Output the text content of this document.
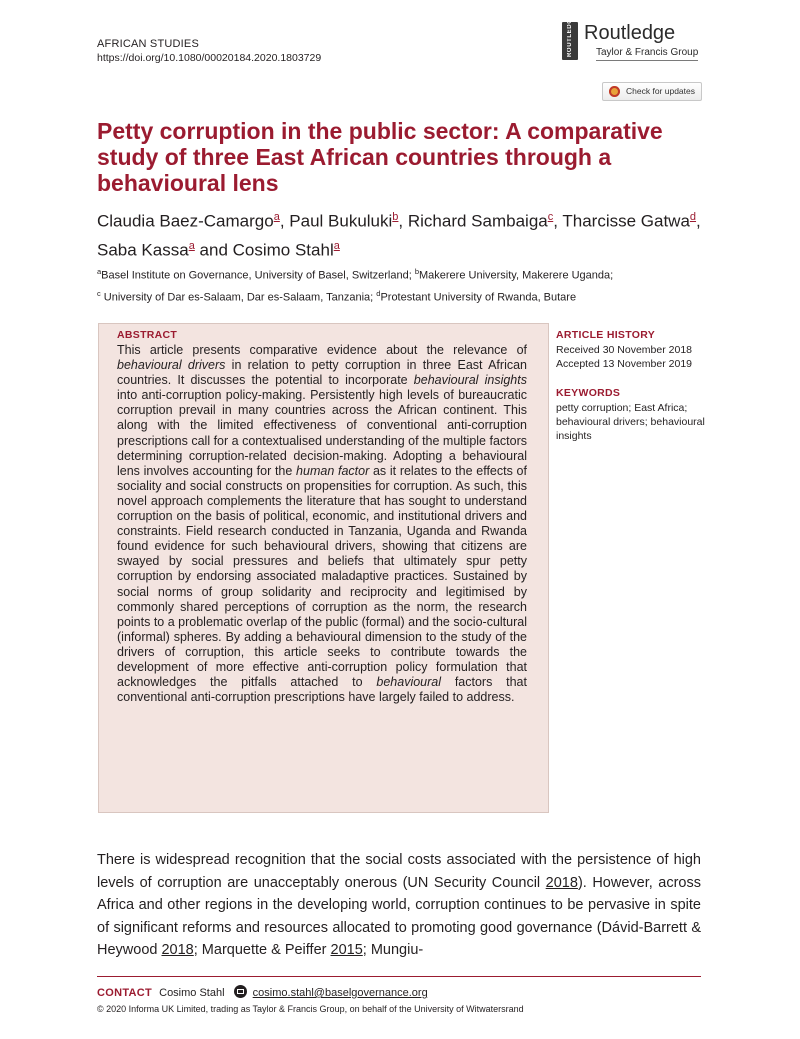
AFRICAN STUDIES
https://doi.org/10.1080/00020184.2020.1803729
ROUTLEDGE Routledge
Taylor & Francis Group
Check for updates
Petty corruption in the public sector: A comparative study of three East African countries through a behavioural lens
Claudia Baez-Camargo$^a$, Paul Bukuluki$^b$, Richard Sambaiga$^c$, Tharcisse Gatwa$^d$, Saba Kassa$^a$ and Cosimo Stahl$^a$
$^a$Basel Institute on Governance, University of Basel, Switzerland; $^b$Makerere University, Makerere Uganda;
$^c$ University of Dar es-Salaam, Dar es-Salaam, Tanzania; $^d$Protestant University of Rwanda, Butare
ABSTRACT
This article presents comparative evidence about the relevance of behavioural drivers in relation to petty corruption in three East African countries. It discusses the potential to incorporate behavioural insights into anti-corruption policy-making. Persistently high levels of bureaucratic corruption prevail in many countries across the African continent. This along with the limited effectiveness of conventional anti-corruption prescriptions call for a contextualised understanding of the multiple factors determining corruption-related decision-making. Adopting a behavioural lens involves accounting for the human factor as it relates to the effects of sociality and social constructs on propensities for corruption. As such, this novel approach complements the literature that has sought to understand corruption on the basis of political, economic, and institutional drivers and constraints. Field research conducted in Tanzania, Uganda and Rwanda found evidence for such behavioural drivers, showing that citizens are swayed by social pressures and beliefs that ultimately spur petty corruption by endorsing associated maladaptive practices. Sustained by social norms of group solidarity and reciprocity and legitimised by commonly shared perceptions of corruption as the norm, the research points to a problematic overlap of the public (formal) and the socio-cultural (informal) spheres. By adding a behavioural dimension to the study of the drivers of corruption, this article seeks to contribute towards the development of more effective anti-corruption policy formulation that acknowledges the pitfalls attached to behavioural factors that conventional anti-corruption prescriptions have largely failed to address.
ARTICLE HISTORY
Received 30 November 2018
Accepted 13 November 2019
KEYWORDS
petty corruption; East Africa; behavioural drivers; behavioural insights
There is widespread recognition that the social costs associated with the persistence of high levels of corruption are unacceptably onerous (UN Security Council 2018). However, across Africa and other regions in the developing world, corruption continues to be pervasive in spite of significant reforms and resources allocated to promoting good governance (Dávid-Barrett & Heywood 2018; Marquette & Peiffer 2015; Mungiu-
CONTACT Cosimo Stahl	cosimo.stahl@baselgovernance.org
© 2020 Informa UK Limited, trading as Taylor & Francis Group, on behalf of the University of Witwatersrand
